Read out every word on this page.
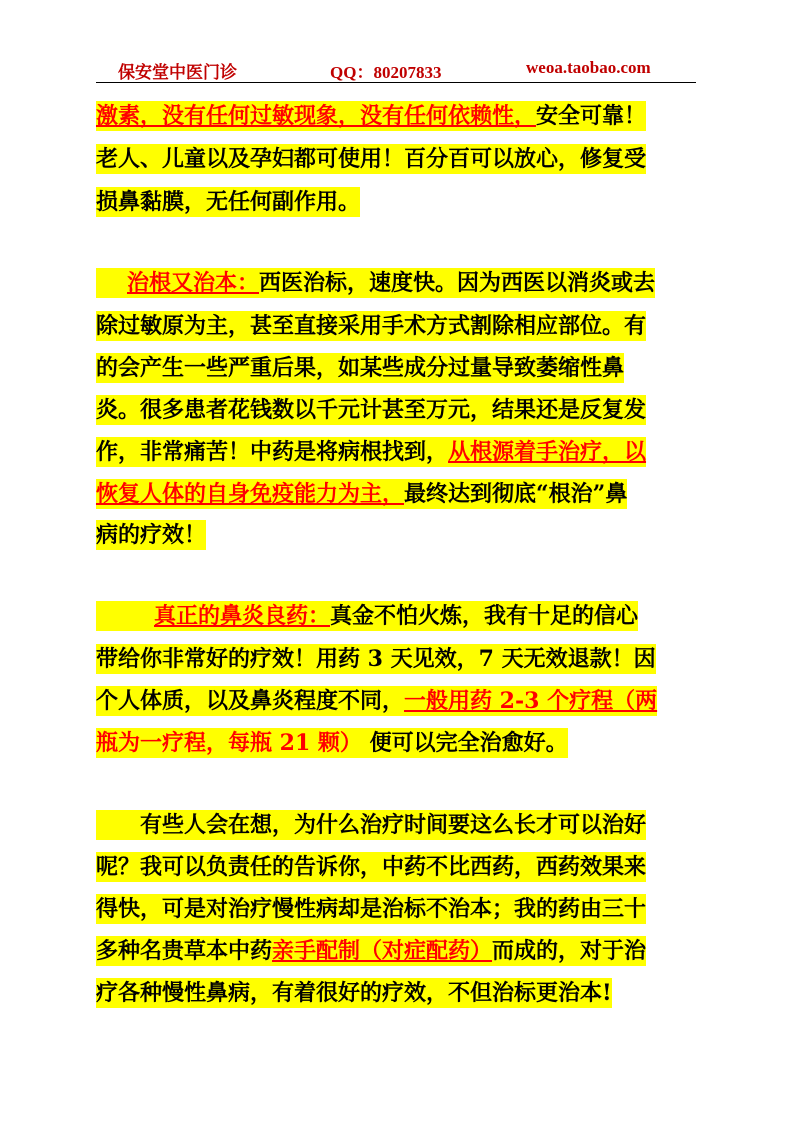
保安堂中医门诊	QQ：80207833	weoa.taobao.com
激素，没有任何过敏现象，没有任何依赖性，安全可靠！
老人、儿童以及孕妇都可使用！百分百可以放心，修复受
损鼻黏膜，无任何副作用。
治根又治本：西医治标，速度快。因为西医以消炎或去
除过敏原为主，甚至直接采用手术方式割除相应部位。有
的会产生一些严重后果，如某些成分过量导致萎缩性鼻
炎。很多患者花钱数以千元计甚至万元，结果还是反复发
作，非常痛苦！中药是将病根找到，从根源着手治疗，以
恢复人体的自身免疫能力为主，最终达到彻底“根治”鼻
病的疗效！
真正的鼻炎良药：真金不怕火炼，我有十足的信心
带给你非常好的疗效！用药 3 天见效，7 天无效退款！因
个人体质，以及鼻炎程度不同，一般用药 2-3 个疗程（两
瓶为一疗程，每瓶 21 颗） 便可以完全治愈好。
有些人会在想，为什么治疗时间要这么长才可以治好
呢？我可以负责任的告诉你，中药不比西药，西药效果来
得快，可是对治疗慢性病却是治标不治本；我的药由三十
多种名贵草本中药亲手配制（对症配药）而成的，对于治
疗各种慢性鼻病，有着很好的疗效，不但治标更治本!
